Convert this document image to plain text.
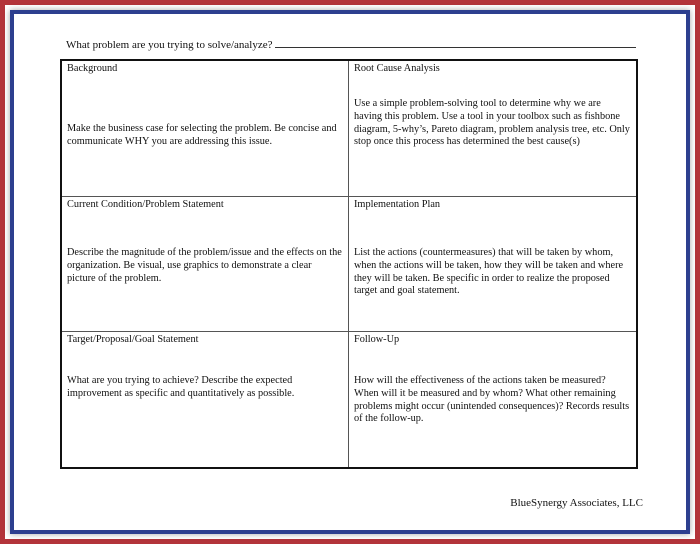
What problem are you trying to solve/analyze?
Background
Make the business case for selecting the problem. Be concise and communicate WHY you are addressing this issue.
Root Cause Analysis
Use a simple problem-solving tool to determine why we are having this problem. Use a tool in your toolbox such as fishbone diagram, 5-why’s, Pareto diagram, problem analysis tree, etc. Only stop once this process has determined the best cause(s)
Current Condition/Problem Statement
Describe the magnitude of the problem/issue and the effects on the organization. Be visual, use graphics to demonstrate a clear picture of the problem.
Implementation Plan
List the actions (countermeasures) that will be taken by whom, when the actions will be taken, how they will be taken and where they will be taken. Be specific in order to realize the proposed target and goal statement.
Target/Proposal/Goal Statement
What are you trying to achieve? Describe the expected improvement as specific and quantitatively as possible.
Follow-Up
How will the effectiveness of the actions taken be measured? When will it be measured and by whom? What other remaining problems might occur (unintended consequences)? Records results of the follow-up.
BlueSynergy Associates, LLC
